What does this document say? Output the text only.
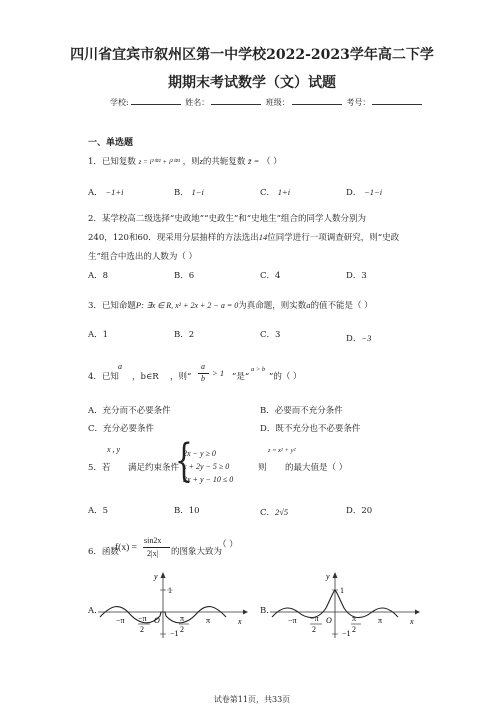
四川省宜宾市叙州区第一中学校2022-2023学年高二下学
期期末考试数学（文）试题
学校:	姓名：	班级：	考号：
一、单选题
1．已知复数 z = i²⁰²² + i²⁰²³ ，则z的共轭复数 z̄ = （ ）
A． −1+i	B． 1−i	C． 1+i	D． −1−i
2．某学校高二级选择“史政地”“史政生”和“史地生”组合的同学人数分别为
240，120和60．现采用分层抽样的方法选出14位同学进行一项调查研究，则“史政
生”组合中选出的人数为（ ）
A．8	B．6	C．4	D．3
3．已知命题P: ∃x ∈ R, x² + 2x + 2 − a = 0为真命题，则实数a的值不能是（ ）
A．1	B．2	C．3	D．−3
a
4．已知 ，b∈R ，则“
a
b
> 1 ”是“
a > b
”的（ ）
A．充分而不必要条件	B．必要而不充分条件
C．充分必要条件	D．既不充分也不必要条件
x , y
5．若 满足约束条件
{
2x − y ≥ 0
x + 2y − 5 ≥ 0
3x + y − 10 ≤ 0
z = x² + y²
则 的最大值是（ ）
A．5	B．10	C．2√5	D．20
6．函数
f(x) =
sin2x
2|x| 的图象大致为
（ ）
A．	B．
y
1
x
O
−π −π
2
π
2
π
−1
y
1
x
O
−π −π
2
π
2
π
−1
试卷第11页，共33页
